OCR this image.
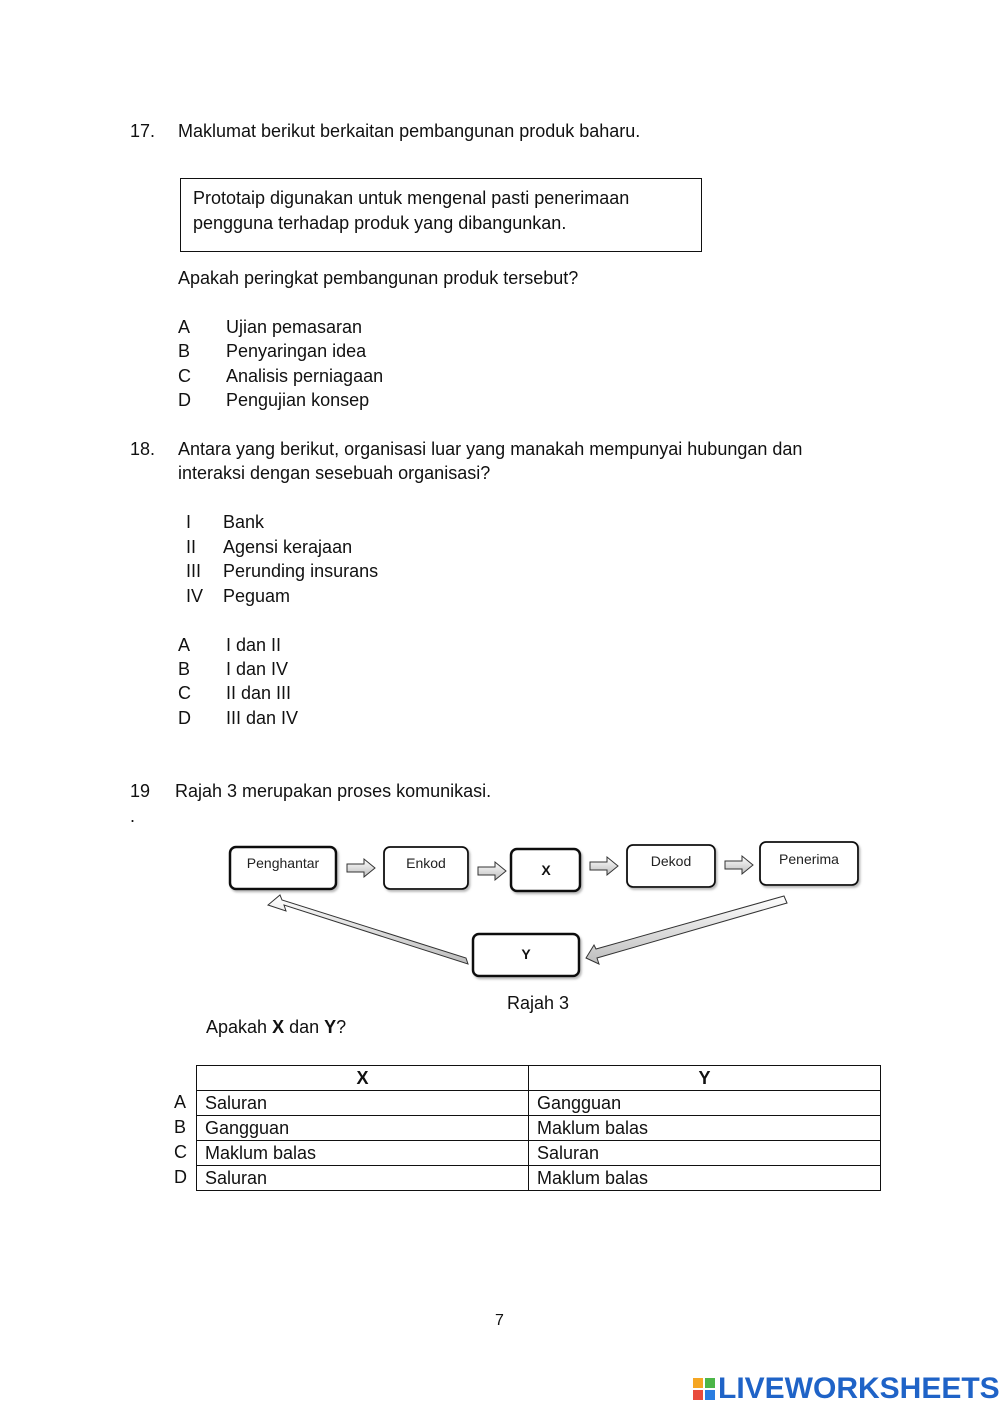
17. Maklumat berikut berkaitan pembangunan produk baharu.
Prototaip digunakan untuk mengenal pasti penerimaan pengguna terhadap produk yang dibangunkan.
Apakah peringkat pembangunan produk tersebut?
A Ujian pemasaran
B Penyaringan idea
C Analisis perniagaan
D Pengujian konsep
18. Antara yang berikut, organisasi luar yang manakah mempunyai hubungan dan
interaksi dengan sesebuah organisasi?
I Bank
II Agensi kerajaan
III Perunding insurans
IV Peguam
A I dan II
B I dan IV
C II dan III
D III dan IV
19 Rajah 3 merupakan proses komunikasi.
.
Penghantar	Enkod	X
Dekod	Penerima
Y
Rajah 3
Apakah X dan Y?
X	Y
Saluran	Gangguan
Gangguan	Maklum balas
Maklum balas	Saluran
Saluran	Maklum balas
A
B
C
D
7
LIVEWORKSHEETS
